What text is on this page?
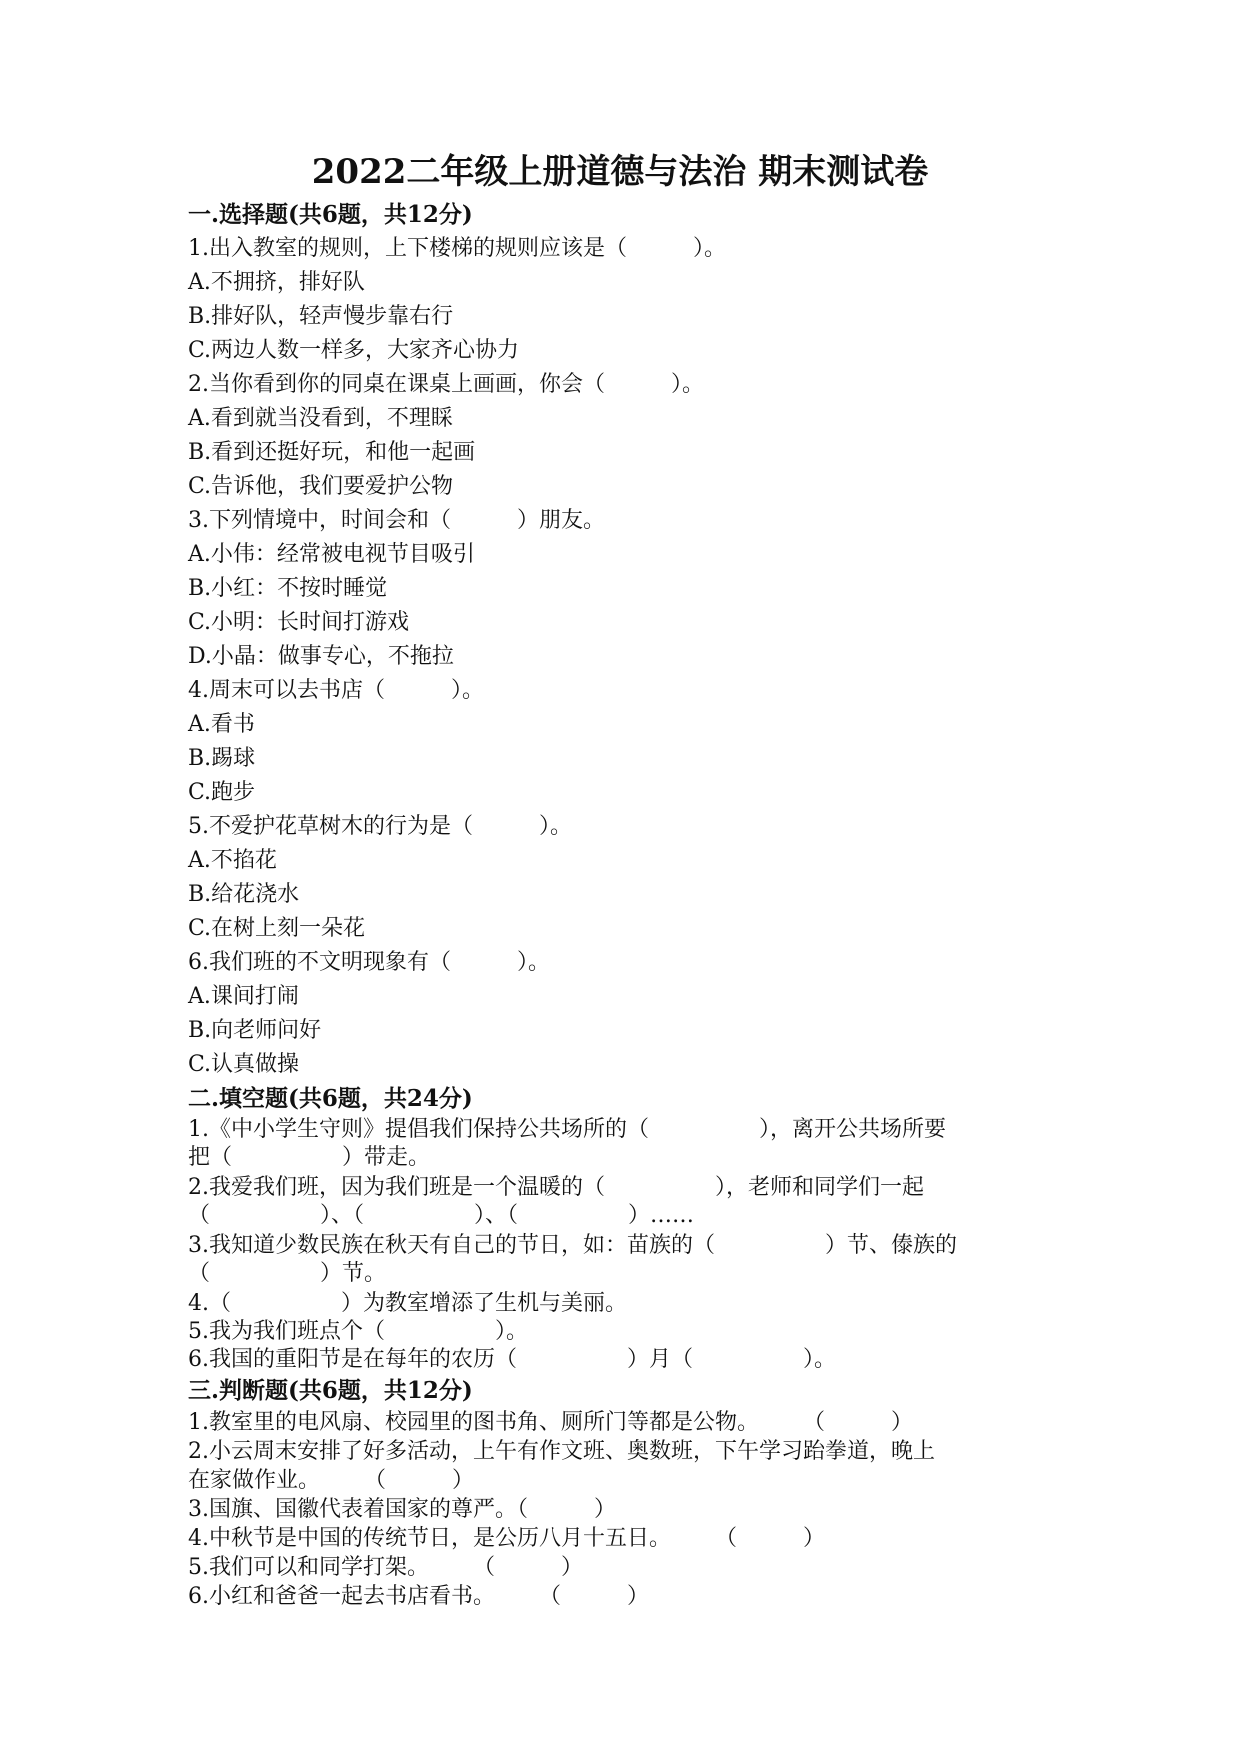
2022二年级上册道德与法治 期末测试卷
一.选择题(共6题，共12分)
1.出入教室的规则，上下楼梯的规则应该是（　　　）。
A.不拥挤，排好队
B.排好队，轻声慢步靠右行
C.两边人数一样多，大家齐心协力
2.当你看到你的同桌在课桌上画画，你会（　　　）。
A.看到就当没看到，不理睬
B.看到还挺好玩，和他一起画
C.告诉他，我们要爱护公物
3.下列情境中，时间会和（　　　）朋友。
A.小伟：经常被电视节目吸引
B.小红：不按时睡觉
C.小明：长时间打游戏
D.小晶：做事专心，不拖拉
4.周末可以去书店（　　　）。
A.看书
B.踢球
C.跑步
5.不爱护花草树木的行为是（　　　）。
A.不掐花
B.给花浇水
C.在树上刻一朵花
6.我们班的不文明现象有（　　　）。
A.课间打闹
B.向老师问好
C.认真做操
二.填空题(共6题，共24分)
1.《中小学生守则》提倡我们保持公共场所的（　　　　　），离开公共场所要
把（　　　　　）带走。
2.我爱我们班，因为我们班是一个温暖的（　　　　　），老师和同学们一起
（　　　　　）、（　　　　　）、（　　　　　）……
3.我知道少数民族在秋天有自己的节日，如：苗族的（　　　　　）节、傣族的
（　　　　　）节。
4.（　　　　　）为教室增添了生机与美丽。
5.我为我们班点个（　　　　　）。
6.我国的重阳节是在每年的农历（　　　　　）月（　　　　　）。
三.判断题(共6题，共12分)
1.教室里的电风扇、校园里的图书角、厕所门等都是公物。　　　（　　　）
2.小云周末安排了好多活动，上午有作文班、奥数班，下午学习跆拳道，晚上
在家做作业。　　　（　　　）
3.国旗、国徽代表着国家的尊严。（　　　）
4.中秋节是中国的传统节日，是公历八月十五日。　　　（　　　）
5.我们可以和同学打架。　　　（　　　）
6.小红和爸爸一起去书店看书。　　　（　　　）
